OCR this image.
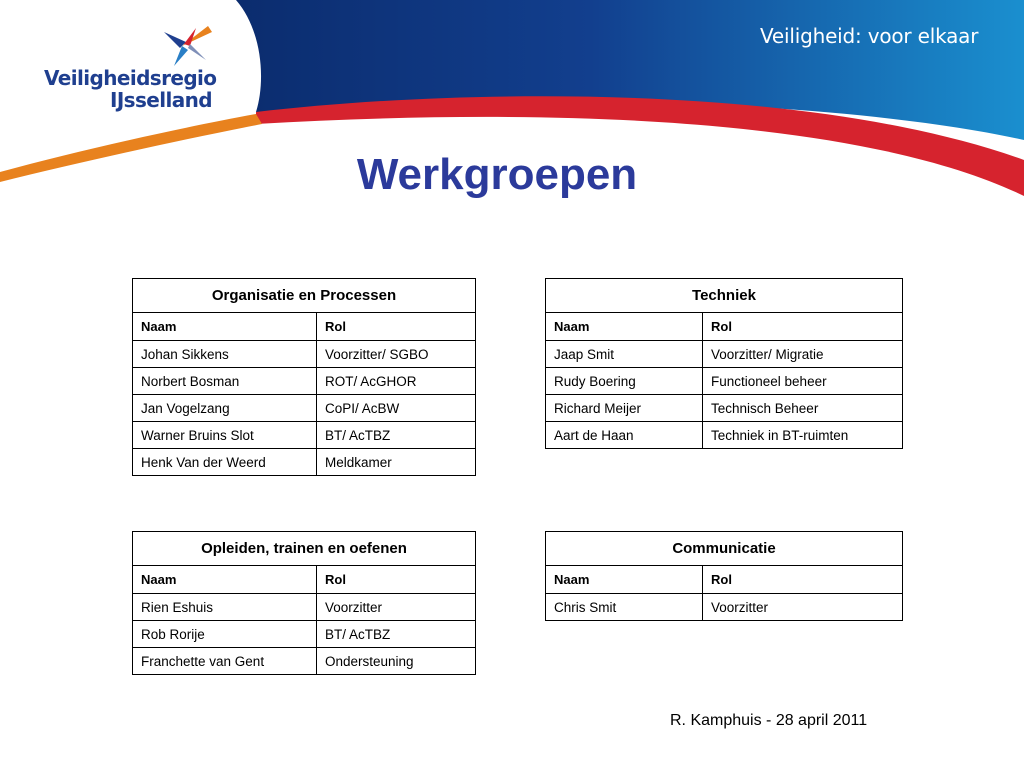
Veiligheidsregio
IJsselland
Veiligheid: voor elkaar
Werkgroepen
Organisatie en Processen	
Naam	Rol
Johan Sikkens	Voorzitter/ SGBO
Norbert Bosman	ROT/ AcGHOR
Jan Vogelzang	CoPI/ AcBW
Warner Bruins Slot	BT/ AcTBZ
Henk Van der Weerd	Meldkamer
Techniek	
Naam	Rol
Jaap Smit	Voorzitter/ Migratie
Rudy Boering	Functioneel beheer
Richard Meijer	Technisch Beheer
Aart de Haan	Techniek in BT-ruimten
Opleiden, trainen en oefenen	
Naam	Rol
Rien Eshuis	Voorzitter
Rob Rorije	BT/ AcTBZ
Franchette van Gent	Ondersteuning
Communicatie	
Naam	Rol
Chris Smit	Voorzitter
R. Kamphuis - 28 april 2011
